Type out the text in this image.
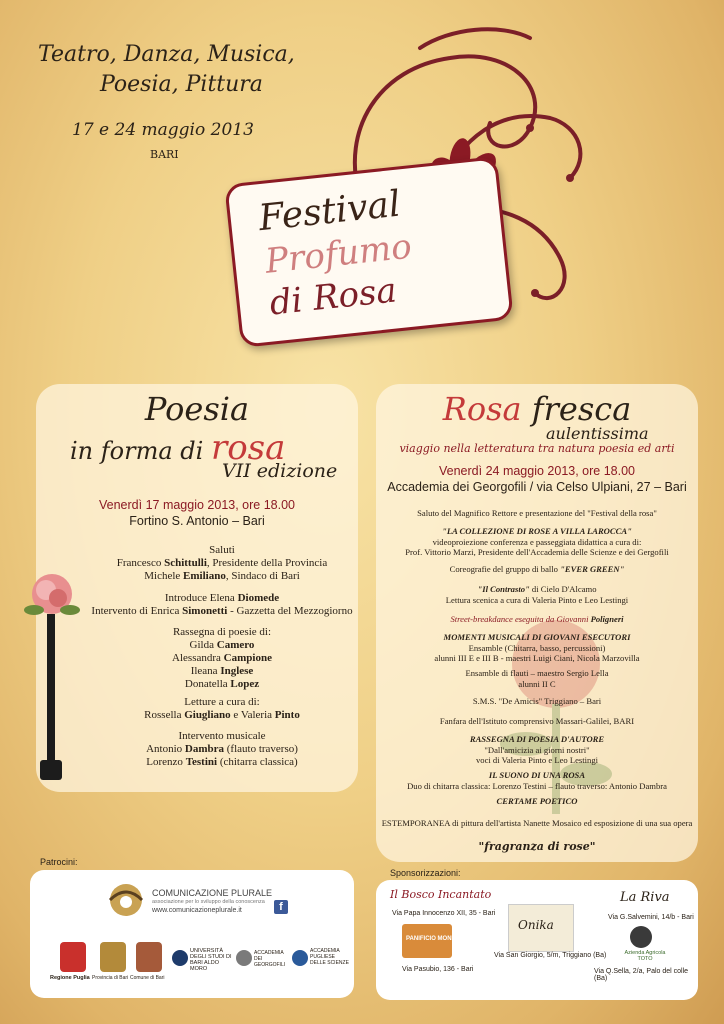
Teatro, Danza, Musica,
Poesia, Pittura
17 e 24 maggio 2013
BARI
Festival
Profumo
di Rosa
Poesia
in forma di rosa
VII edizione
Venerdì 17 maggio 2013, ore 18.00
Fortino S. Antonio – Bari
Saluti
Francesco Schittulli, Presidente della Provincia
Michele Emiliano, Sindaco di Bari
Introduce Elena Diomede
Intervento di Enrica Simonetti - Gazzetta del Mezzogiorno
Rassegna di poesie di:
Gilda Camero
Alessandra Campione
Ileana Inglese
Donatella Lopez
Letture a cura di:
Rossella Giugliano e Valeria Pinto
Intervento musicale
Antonio Dambra (flauto traverso)
Lorenzo Testini (chitarra classica)
Rosa fresca
aulentissima
viaggio nella letteratura tra natura poesia ed arti
Venerdì 24 maggio 2013, ore 18.00
Accademia dei Georgofili / via Celso Ulpiani, 27 – Bari
Saluto del Magnifico Rettore e presentazione del "Festival della rosa"
"LA COLLEZIONE DI ROSE A VILLA LAROCCA"
videoproiezione conferenza e passeggiata didattica a cura di:
Prof. Vittorio Marzi, Presidente dell'Accademia delle Scienze e dei Gergofili
Coreografie del gruppo di ballo "EVER GREEN"
"Il Contrasto" di Cielo D'Alcamo
Lettura scenica a cura di Valeria Pinto e Leo Lestingi
Street-breakdance eseguita da Giovanni Poligneri
MOMENTI MUSICALI DI GIOVANI ESECUTORI
Ensamble (Chitarra, basso, percussioni)
alunni III E e III B - maestri Luigi Ciani, Nicola Marzovilla
Ensamble di flauti – maestro Sergio Lella
alunni II C
S.M.S. "De Amicis" Triggiano – Bari
Fanfara dell'Istituto comprensivo Massari-Galilei, BARI
RASSEGNA DI POESIA D'AUTORE
"Dall'amicizia ai giorni nostri"
voci di Valeria Pinto e Leo Lestingi
IL SUONO DI UNA ROSA
Duo di chitarra classica: Lorenzo Testini – flauto traverso: Antonio Dambra
CERTAME POETICO
ESTEMPORANEA di pittura dell'artista Nanette Mosaico ed esposizione di una sua opera
"fragranza di rose"
Patrocini:
Sponsorizzazioni:
COMUNICAZIONE PLURALE
associazione per lo sviluppo della conoscenza
www.comunicazioneplurale.it	f
Regione Puglia Provincia di Bari Comune di Bari
UNIVERSITÀ DEGLI STUDI DI BARI ALDO MORO
ACCADEMIA DEI GEORGOFILI
ACCADEMIA PUGLIESE DELLE SCIENZE
Il Bosco Incantato
Via Papa Innocenzo XII, 35 - Bari
PANIFICIO MONNO
Via Pasubio, 136 - Bari
Onika
Via San Giorgio, 5/m, Triggiano (Ba)
La Riva
Via G.Salvemini, 14/b - Bari
Azienda Agricola TOTO
Via Q.Sella, 2/a, Palo del colle (Ba)
